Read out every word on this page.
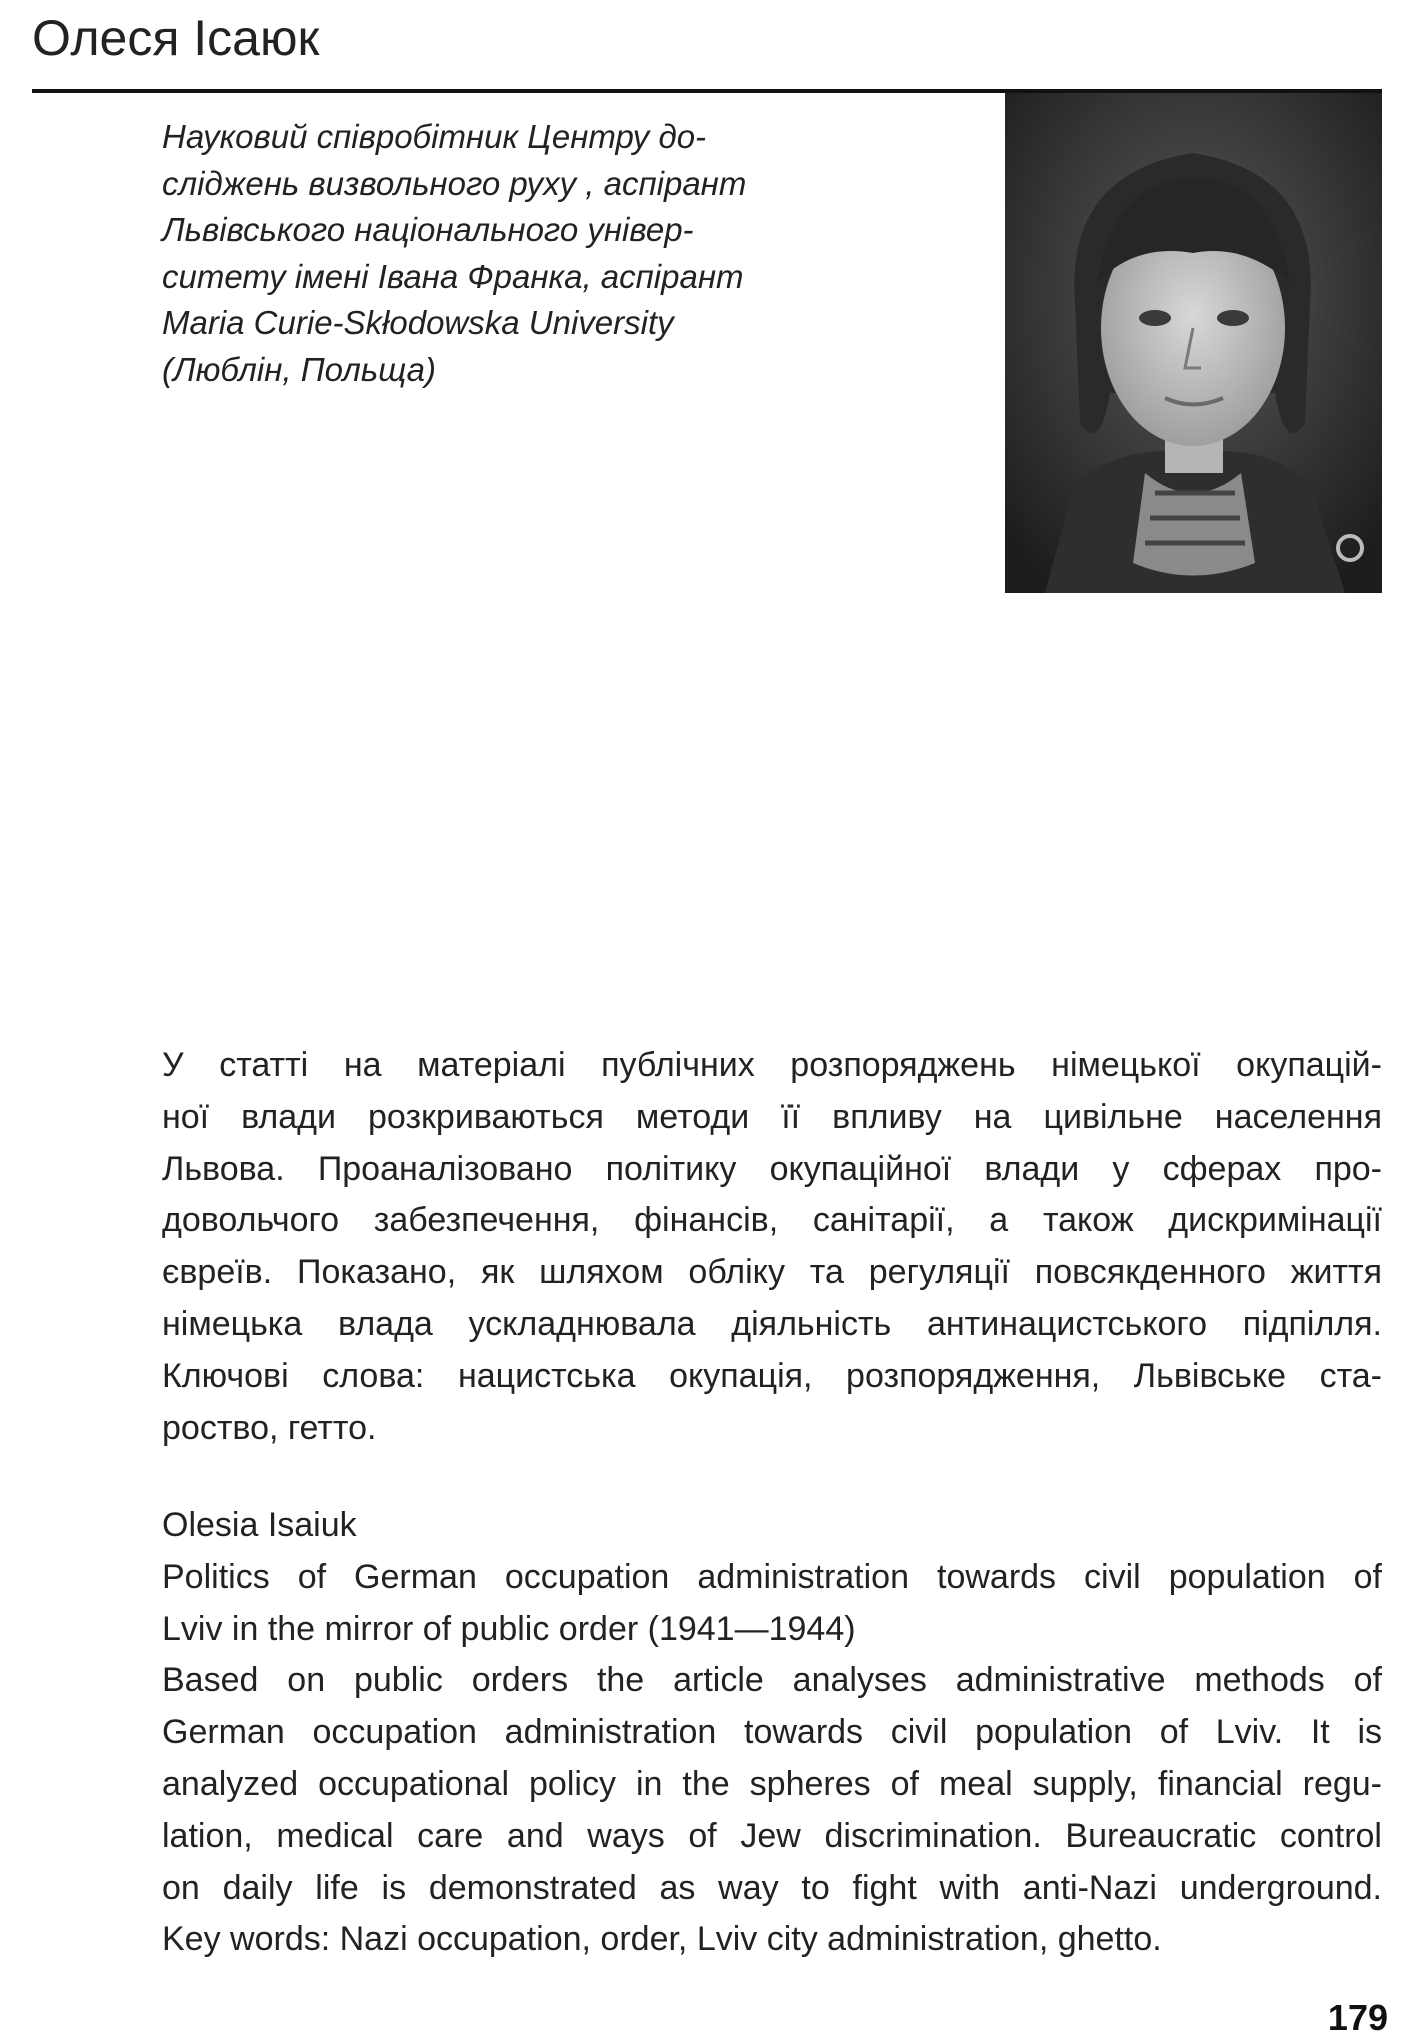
Олеся Ісаюк
Науковий співробітник Центру до-
сліджень визвольного руху , аспірант
Львівського національного універ-
ситету імені Івана Франка, аспірант
Maria Curie-Skłodowska University
(Люблін, Польща)
У статті на матеріалі публічних розпоряджень німецької окупацій-
ної влади розкриваються методи її впливу на цивільне населення
Львова. Проаналізовано політику окупаційної влади у сферах про-
довольчого забезпечення, фінансів, санітарії, а також дискримінації
євреїв. Показано, як шляхом обліку та регуляції повсякденного життя
німецька влада ускладнювала діяльність антинацистського підпілля.
Ключові слова: нацистська окупація, розпорядження, Львівське ста-
роство, гетто.
Olesia Isaiuk
Politics of German occupation administration towards civil population of
Lviv in the mirror of public order (1941—1944)
Based on public orders the article analyses administrative methods of
German occupation administration towards civil population of Lviv. It is
analyzed occupational policy in the spheres of meal supply, financial regu-
lation, medical care and ways of Jew discrimination. Bureaucratic control
on daily life is demonstrated as way to fight with anti-Nazi underground.
Key words: Nazi occupation, order, Lviv city administration, ghetto.
179
